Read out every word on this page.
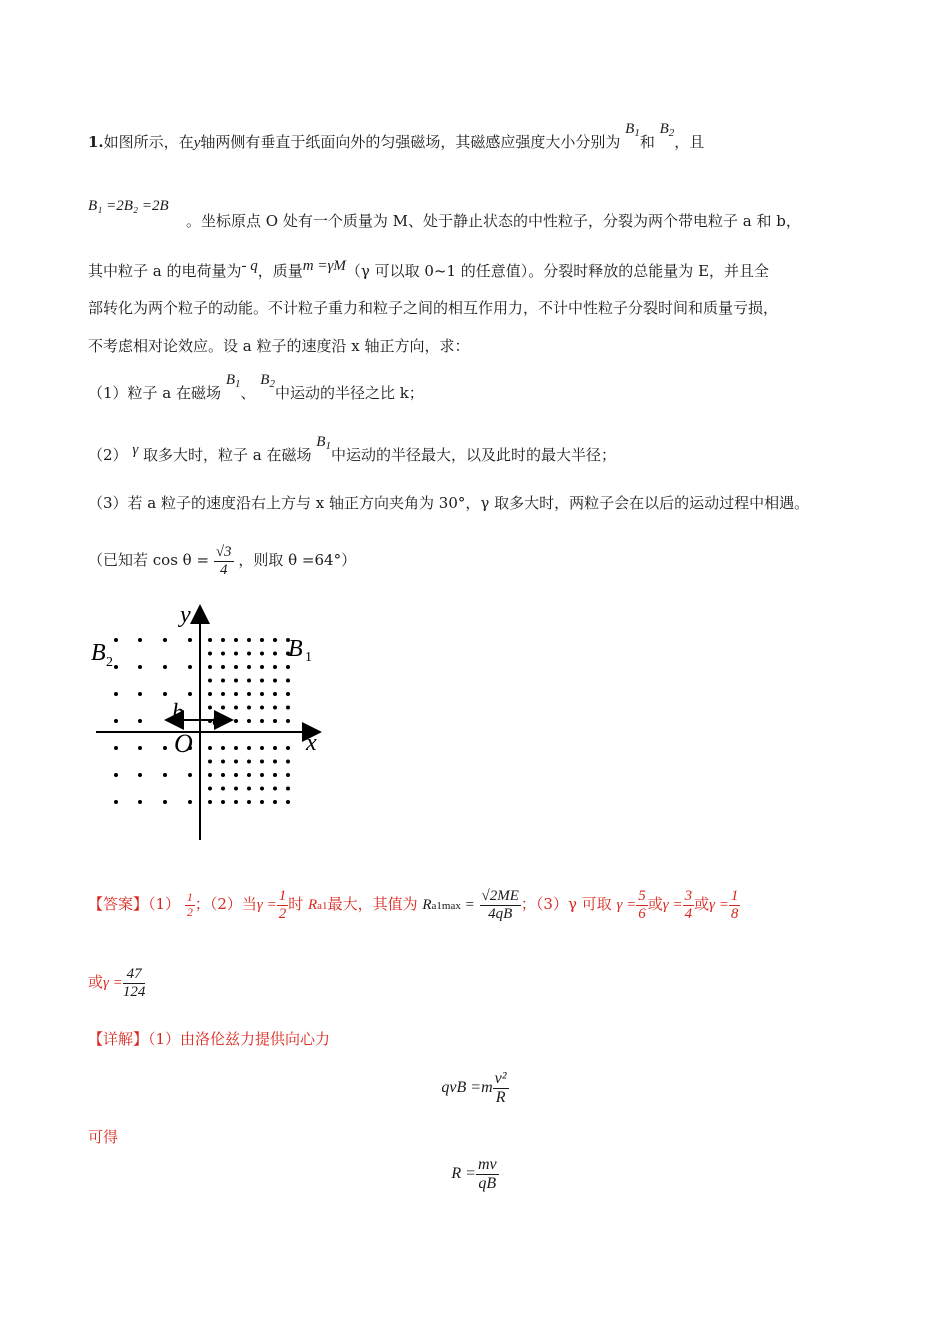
1.如图所示，在y轴两侧有垂直于纸面向外的匀强磁场，其磁感应强度大小分别为 $B_1$和 $B_2$，且
B₁ =2B₂ =2B
。坐标原点 O 处有一个质量为 M、处于静止状态的中性粒子，分裂为两个带电粒子 a 和 b，
其中粒子 a 的电荷量为- q，质量m =γM（γ 可以取 0~1 的任意值）。分裂时释放的总能量为 E，并且全
部转化为两个粒子的动能。不计粒子重力和粒子之间的相互作用力，不计中性粒子分裂时间和质量亏损，
不考虑相对论效应。设 a 粒子的速度沿 x 轴正方向，求：
（1）粒子 a 在磁场 $B_1$、 $B_2$中运动的半径之比 k；
（2） γ 取多大时，粒子 a 在磁场 $B_1$中运动的半径最大，以及此时的最大半径；
（3）若 a 粒子的速度沿右上方与 x 轴正方向夹角为 30°，γ 取多大时，两粒子会在以后的运动过程中相遇。
（已知若 $\cos \theta = \frac{√3}{4}$ ，则取 θ =64°）
y
x
B 1
B 2
O
a
b
【答案】$(1) \frac{1}{2}$ ；（2）当$\gamma = \frac{1}{2}$ 时 Ra1最大，其值为 $Ra1\max = \frac{√2ME}{4qB}$ ；（3）γ 可取 $\gamma = \frac{5}{6}$ 或$\gamma = \frac{3}{4}$ 或$\gamma = \frac{1}{8}$
或$\gamma = \frac{47}{124}$
【详解】（1）由洛伦兹力提供向心力
qvB $=m \frac{\text{v²}}{R}$
可得
$R = \frac{mv}{qB}$
